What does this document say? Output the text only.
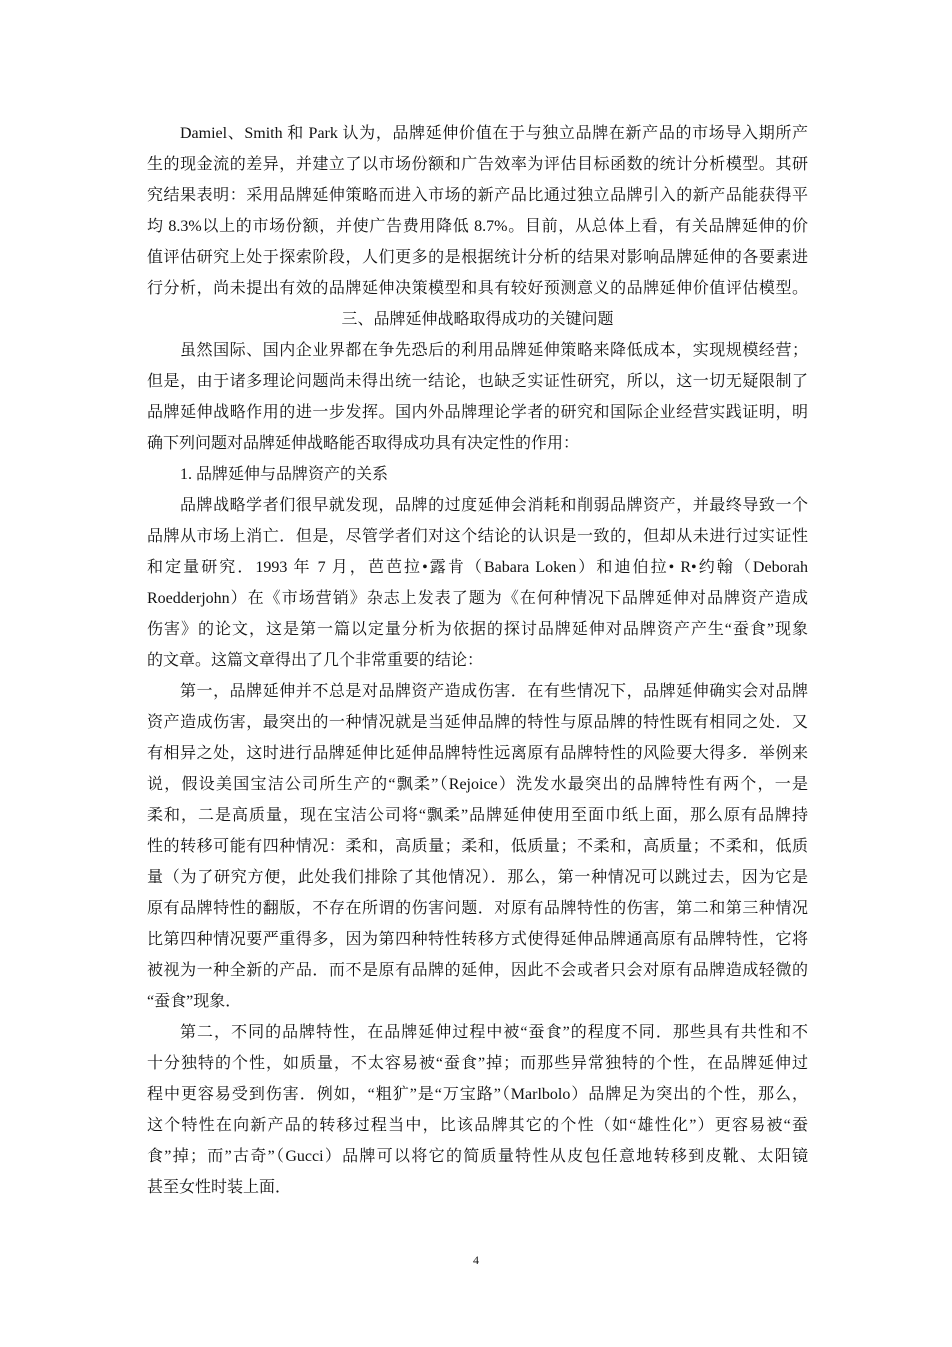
Damiel、Smith 和 Park 认为，品牌延伸价值在于与独立品牌在新产品的市场导入期所产
生的现金流的差异，并建立了以市场份额和广告效率为评估目标函数的统计分析模型。其研
究结果表明：采用品牌延伸策略而进入市场的新产品比通过独立品牌引入的新产品能获得平
均 8.3%以上的市场份额，并使广告费用降低 8.7%。目前，从总体上看，有关品牌延伸的价
值评估研究上处于探索阶段，人们更多的是根据统计分析的结果对影响品牌延伸的各要素进
行分析，尚未提出有效的品牌延伸决策模型和具有较好预测意义的品牌延伸价值评估模型。
三、品牌延伸战略取得成功的关键问题
虽然国际、国内企业界都在争先恐后的利用品牌延伸策略来降低成本，实现规模经营；
但是，由于诸多理论问题尚未得出统一结论，也缺乏实证性研究，所以，这一切无疑限制了
品牌延伸战略作用的进一步发挥。国内外品牌理论学者的研究和国际企业经营实践证明，明
确下列问题对品牌延伸战略能否取得成功具有决定性的作用：
1. 品牌延伸与品牌资产的关系
品牌战略学者们很早就发现，品牌的过度延伸会消耗和削弱品牌资产，并最终导致一个
品牌从市场上消亡．但是，尽管学者们对这个结论的认识是一致的，但却从未进行过实证性
和定量研究．1993 年 7 月，芭芭拉•露肯（Babara Loken）和迪伯拉• R•约翰（Deborah
Roedderjohn）在《市场营销》杂志上发表了题为《在何种情况下品牌延伸对品牌资产造成
伤害》的论文，这是第一篇以定量分析为依据的探讨品牌延伸对品牌资产产生“蚕食”现象
的文章。这篇文章得出了几个非常重要的结论：
第一，品牌延伸并不总是对品牌资产造成伤害．在有些情况下，品牌延伸确实会对品牌
资产造成伤害，最突出的一种情况就是当延伸品牌的特性与原品牌的特性既有相同之处．又
有相异之处，这时进行品牌延伸比延伸品牌特性远离原有品牌特性的风险要大得多．举例来
说，假设美国宝洁公司所生产的“飘柔”（Rejoice）洗发水最突出的品牌特性有两个，一是
柔和，二是高质量，现在宝洁公司将“飘柔”品牌延伸使用至面巾纸上面，那么原有品牌持
性的转移可能有四种情况：柔和，高质量；柔和，低质量；不柔和，高质量；不柔和，低质
量（为了研究方便，此处我们排除了其他情况）．那么，第一种情况可以跳过去，因为它是
原有品牌特性的翻版，不存在所谓的伤害问题．对原有品牌特性的伤害，第二和第三种情况
比第四种情况要严重得多，因为第四种特性转移方式使得延伸品牌通高原有品牌特性，它将
被视为一种全新的产品．而不是原有品牌的延伸，因此不会或者只会对原有品牌造成轻微的
“蚕食”现象．
第二，不同的品牌特性，在品牌延伸过程中被“蚕食”的程度不同．那些具有共性和不
十分独特的个性，如质量，不太容易被“蚕食”掉；而那些异常独特的个性，在品牌延伸过
程中更容易受到伤害．例如，“粗犷”是“万宝路”（Marlbolo）品牌足为突出的个性，那么，
这个特性在向新产品的转移过程当中，比该品牌其它的个性（如“雄性化”）更容易被“蚕
食”掉；而”古奇”（Gucci）品牌可以将它的简质量特性从皮包任意地转移到皮靴、太阳镜
甚至女性时装上面．
4
